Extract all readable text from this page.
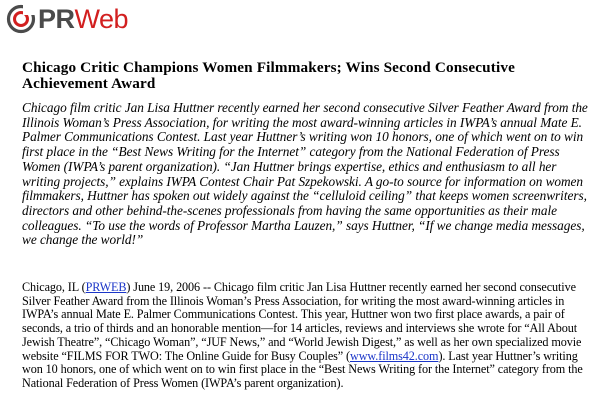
PRWeb
Chicago Critic Champions Women Filmmakers; Wins Second Consecutive Achievement Award

Chicago film critic Jan Lisa Huttner recently earned her second consecutive Silver Feather Award from the Illinois Woman’s Press Association, for writing the most award-winning articles in IWPA’s annual Mate E. Palmer Communications Contest. Last year Huttner’s writing won 10 honors, one of which went on to win first place in the “Best News Writing for the Internet” category from the National Federation of Press Women (IWPA’s parent organization). “Jan Huttner brings expertise, ethics and enthusiasm to all her writing projects,” explains IWPA Contest Chair Pat Szpekowski. A go-to source for information on women filmmakers, Huttner has spoken out widely against the “celluloid ceiling” that keeps women screenwriters, directors and other behind-the-scenes professionals from having the same opportunities as their male colleagues. “To use the words of Professor Martha Lauzen,” says Huttner, “If we change media messages, we change the world!”

Chicago, IL (PRWEB) June 19, 2006 -- Chicago film critic Jan Lisa Huttner recently earned her second consecutive Silver Feather Award from the Illinois Woman’s Press Association, for writing the most award-winning articles in IWPA’s annual Mate E. Palmer Communications Contest. This year, Huttner won two first place awards, a pair of seconds, a trio of thirds and an honorable mention—for 14 articles, reviews and interviews she wrote for “All About Jewish Theatre”, “Chicago Woman”, “JUF News,” and “World Jewish Digest,” as well as her own specialized movie website “FILMS FOR TWO: The Online Guide for Busy Couples” (www.films42.com). Last year Huttner’s writing won 10 honors, one of which went on to win first place in the “Best News Writing for the Internet” category from the National Federation of Press Women (IWPA’s parent organization).
